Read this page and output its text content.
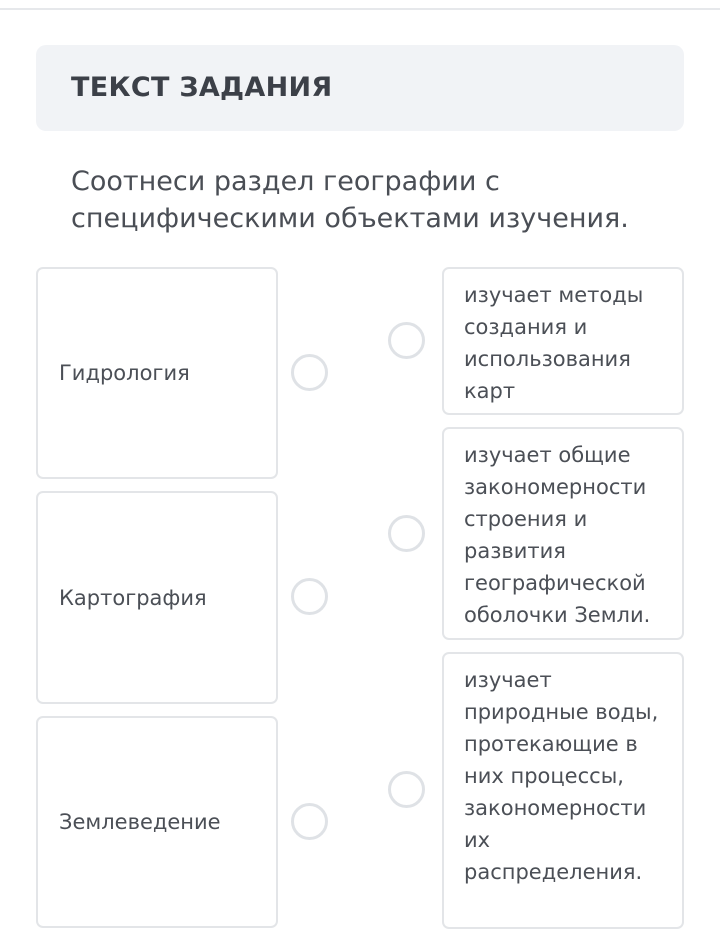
ТЕКСТ ЗАДАНИЯ
Соотнеси раздел географии с специфическими объектами изучения.
Гидрология
Картография
Землеведение
изучает методы создания и использования карт
изучает общие закономерности строения и развития географической оболочки Земли.
изучает природные воды, протекающие в них процессы, закономерности их распределения.
